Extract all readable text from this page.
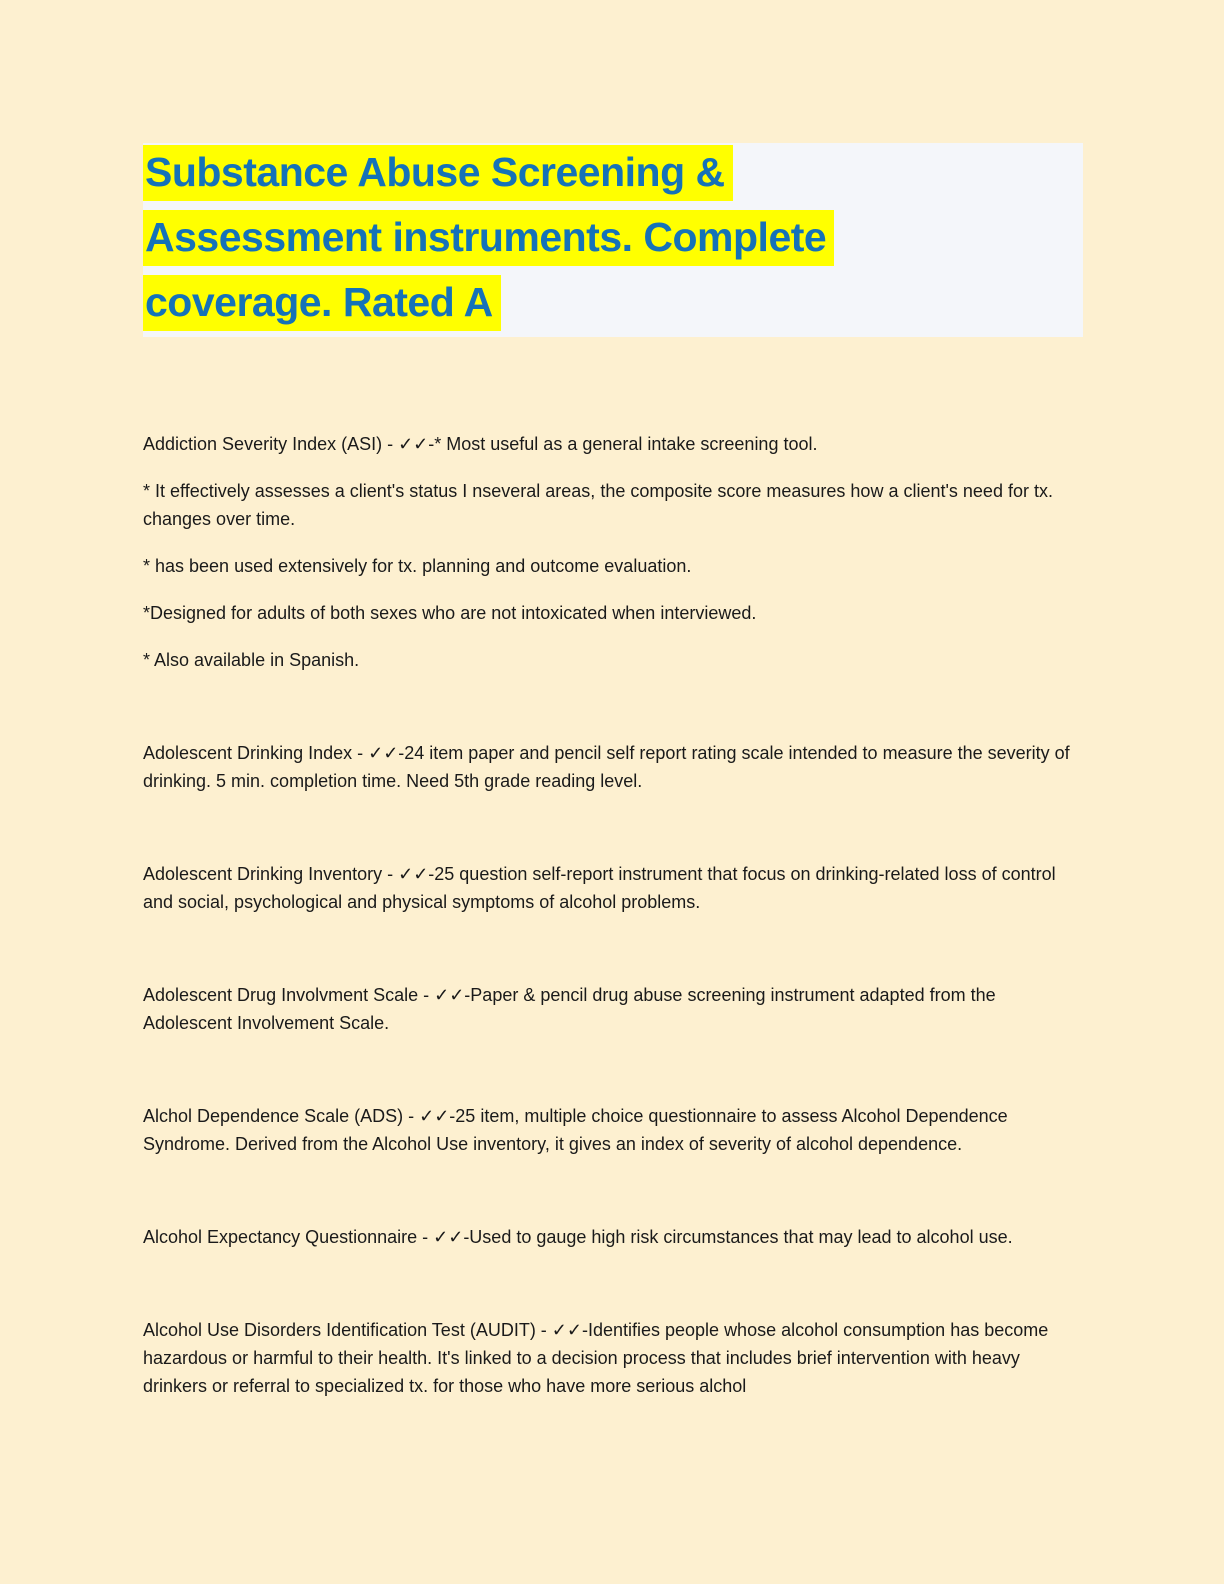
Substance Abuse Screening &
Assessment instruments. Complete
coverage. Rated A

Addiction Severity Index (ASI) - ✓✓-* Most useful as a general intake screening tool.

* It effectively assesses a client's status I nseveral areas, the composite score measures how a client's need for tx. changes over time.

* has been used extensively for tx. planning and outcome evaluation.

*Designed for adults of both sexes who are not intoxicated when interviewed.

* Also available in Spanish.

Adolescent Drinking Index - ✓✓-24 item paper and pencil self report rating scale intended to measure the severity of drinking. 5 min. completion time. Need 5th grade reading level.

Adolescent Drinking Inventory - ✓✓-25 question self-report instrument that focus on drinking-related loss of control and social, psychological and physical symptoms of alcohol problems.

Adolescent Drug Involvment Scale - ✓✓-Paper & pencil drug abuse screening instrument adapted from the Adolescent Involvement Scale.

Alchol Dependence Scale (ADS) - ✓✓-25 item, multiple choice questionnaire to assess Alcohol Dependence Syndrome. Derived from the Alcohol Use inventory, it gives an index of severity of alcohol dependence.

Alcohol Expectancy Questionnaire - ✓✓-Used to gauge high risk circumstances that may lead to alcohol use.

Alcohol Use Disorders Identification Test (AUDIT) - ✓✓-Identifies people whose alcohol consumption has become hazardous or harmful to their health. It's linked to a decision process that includes brief intervention with heavy drinkers or referral to specialized tx. for those who have more serious alchol
